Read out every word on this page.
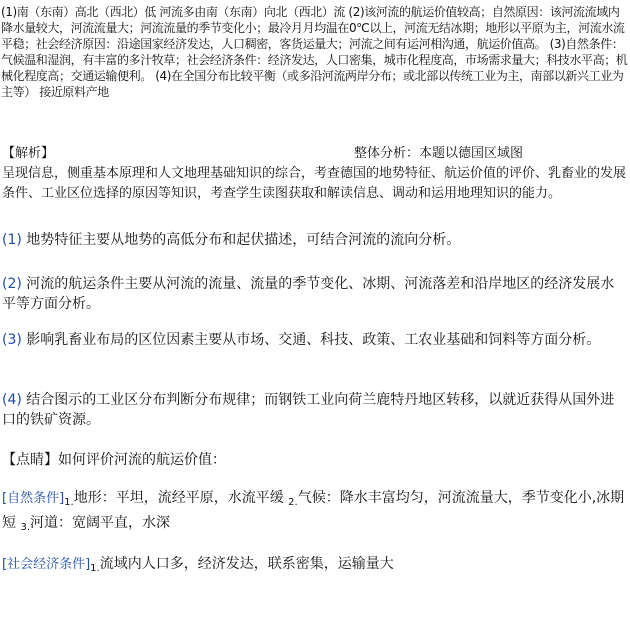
(1)南（东南）高北（西北）低 河流多由南（东南）向北（西北）流 (2)该河流的航运价值较高；自然原因：该河流流域内降水量较大，河流流量大；河流流量的季节变化小；最冷月月均温在0℃以上，河流无结冰期；地形以平原为主，河流水流平稳；社会经济原因：沿途国家经济发达，人口稠密，客货运量大；河流之间有运河相沟通，航运价值高。 (3)自然条件：气候温和湿润，有丰富的多汁牧草；社会经济条件：经济发达，人口密集，城市化程度高，市场需求量大；科技水平高；机械化程度高；交通运输便利。 (4)在全国分布比较平衡（或多沿河流两岸分布；或北部以传统工业为主，南部以新兴工业为主等） 接近原料产地
【解析】	整体分析：本题以德国区域图
呈现信息，侧重基本原理和人文地理基础知识的综合，考查德国的地势特征、航运价值的评价、乳畜业的发展条件、工业区位选择的原因等知识，考查学生读图获取和解读信息、调动和运用地理知识的能力。
(1) 地势特征主要从地势的高低分布和起伏描述，可结合河流的流向分析。
(2) 河流的航运条件主要从河流的流量、流量的季节变化、冰期、河流落差和沿岸地区的经济发展水平等方面分析。
(3) 影响乳畜业布局的区位因素主要从市场、交通、科技、政策、工农业基础和饲料等方面分析。
(4) 结合图示的工业区分布判断分布规律；而钢铁工业向荷兰鹿特丹地区转移，以就近获得从国外进口的铁矿资源。
【点睛】如何评价河流的航运价值：
[自然条件]$_{1.}$地形：平坦，流经平原，水流平缓 $_{2.}$气候：降水丰富均匀，河流流量大，季节变化小,冰期短 $_{3.}$河道：宽阔平直，水深
[社会经济条件]$_{1.}$流域内人口多，经济发达，联系密集，运输量大
